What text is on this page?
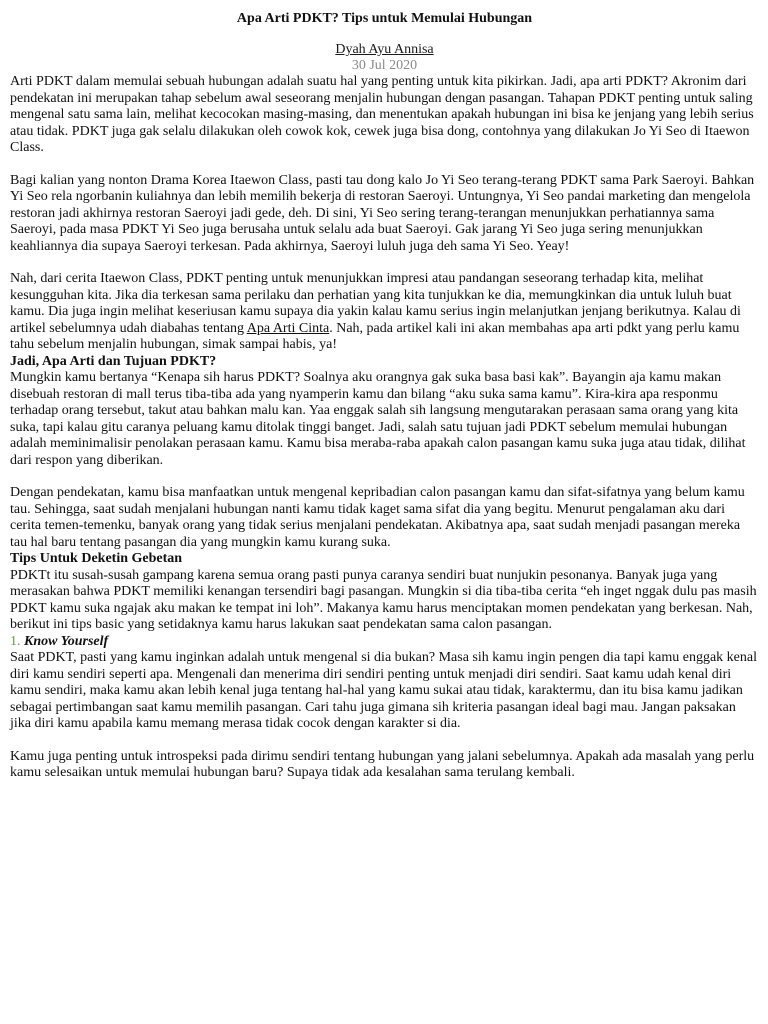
Apa Arti PDKT? Tips untuk Memulai Hubungan
Dyah Ayu Annisa
30 Jul 2020

Arti PDKT dalam memulai sebuah hubungan adalah suatu hal yang penting untuk kita pikirkan. Jadi, apa arti PDKT? Akronim dari pendekatan ini merupakan tahap sebelum awal seseorang menjalin hubungan dengan pasangan. Tahapan PDKT penting untuk saling mengenal satu sama lain, melihat kecocokan masing-masing, dan menentukan apakah hubungan ini bisa ke jenjang yang lebih serius atau tidak. PDKT juga gak selalu dilakukan oleh cowok kok, cewek juga bisa dong, contohnya yang dilakukan Jo Yi Seo di Itaewon Class.

Bagi kalian yang nonton Drama Korea Itaewon Class, pasti tau dong kalo Jo Yi Seo terang-terang PDKT sama Park Saeroyi. Bahkan Yi Seo rela ngorbanin kuliahnya dan lebih memilih bekerja di restoran Saeroyi. Untungnya, Yi Seo pandai marketing dan mengelola restoran jadi akhirnya restoran Saeroyi jadi gede, deh. Di sini, Yi Seo sering terang-terangan menunjukkan perhatiannya sama Saeroyi, pada masa PDKT Yi Seo juga berusaha untuk selalu ada buat Saeroyi. Gak jarang Yi Seo juga sering menunjukkan keahliannya dia supaya Saeroyi terkesan. Pada akhirnya, Saeroyi luluh juga deh sama Yi Seo. Yeay!

Nah, dari cerita Itaewon Class, PDKT penting untuk menunjukkan impresi atau pandangan seseorang terhadap kita, melihat kesungguhan kita. Jika dia terkesan sama perilaku dan perhatian yang kita tunjukkan ke dia, memungkinkan dia untuk luluh buat kamu. Dia juga ingin melihat keseriusan kamu supaya dia yakin kalau kamu serius ingin melanjutkan jenjang berikutnya. Kalau di artikel sebelumnya udah diabahas tentang Apa Arti Cinta. Nah, pada artikel kali ini akan membahas apa arti pdkt yang perlu kamu tahu sebelum menjalin hubungan, simak sampai habis, ya!

Jadi, Apa Arti dan Tujuan PDKT?

Mungkin kamu bertanya “Kenapa sih harus PDKT? Soalnya aku orangnya gak suka basa basi kak”. Bayangin aja kamu makan disebuah restoran di mall terus tiba-tiba ada yang nyamperin kamu dan bilang “aku suka sama kamu”. Kira-kira apa responmu terhadap orang tersebut, takut atau bahkan malu kan. Yaa enggak salah sih langsung mengutarakan perasaan sama orang yang kita suka, tapi kalau gitu caranya peluang kamu ditolak tinggi banget. Jadi, salah satu tujuan jadi PDKT sebelum memulai hubungan adalah meminimalisir penolakan perasaan kamu. Kamu bisa meraba-raba apakah calon pasangan kamu suka juga atau tidak, dilihat dari respon yang diberikan.

Dengan pendekatan, kamu bisa manfaatkan untuk mengenal kepribadian calon pasangan kamu dan sifat-sifatnya yang belum kamu tau. Sehingga, saat sudah menjalani hubungan nanti kamu tidak kaget sama sifat dia yang begitu. Menurut pengalaman aku dari cerita temen-temenku, banyak orang yang tidak serius menjalani pendekatan. Akibatnya apa, saat sudah menjadi pasangan mereka tau hal baru tentang pasangan dia yang mungkin kamu kurang suka.

Tips Untuk Deketin Gebetan

PDKTt itu susah-susah gampang karena semua orang pasti punya caranya sendiri buat nunjukin pesonanya. Banyak juga yang merasakan bahwa PDKT memiliki kenangan tersendiri bagi pasangan. Mungkin si dia tiba-tiba cerita “eh inget nggak dulu pas masih PDKT kamu suka ngajak aku makan ke tempat ini loh”. Makanya kamu harus menciptakan momen pendekatan yang berkesan. Nah, berikut ini tips basic yang setidaknya kamu harus lakukan saat pendekatan sama calon pasangan.

1. Know Yourself

Saat PDKT, pasti yang kamu inginkan adalah untuk mengenal si dia bukan? Masa sih kamu ingin pengen dia tapi kamu enggak kenal diri kamu sendiri seperti apa. Mengenali dan menerima diri sendiri penting untuk menjadi diri sendiri. Saat kamu udah kenal diri kamu sendiri, maka kamu akan lebih kenal juga tentang hal-hal yang kamu sukai atau tidak, karaktermu, dan itu bisa kamu jadikan sebagai pertimbangan saat kamu memilih pasangan. Cari tahu juga gimana sih kriteria pasangan ideal bagi mau. Jangan paksakan jika diri kamu apabila kamu memang merasa tidak cocok dengan karakter si dia.

Kamu juga penting untuk introspeksi pada dirimu sendiri tentang hubungan yang jalani sebelumnya. Apakah ada masalah yang perlu kamu selesaikan untuk memulai hubungan baru? Supaya tidak ada kesalahan sama terulang kembali.
